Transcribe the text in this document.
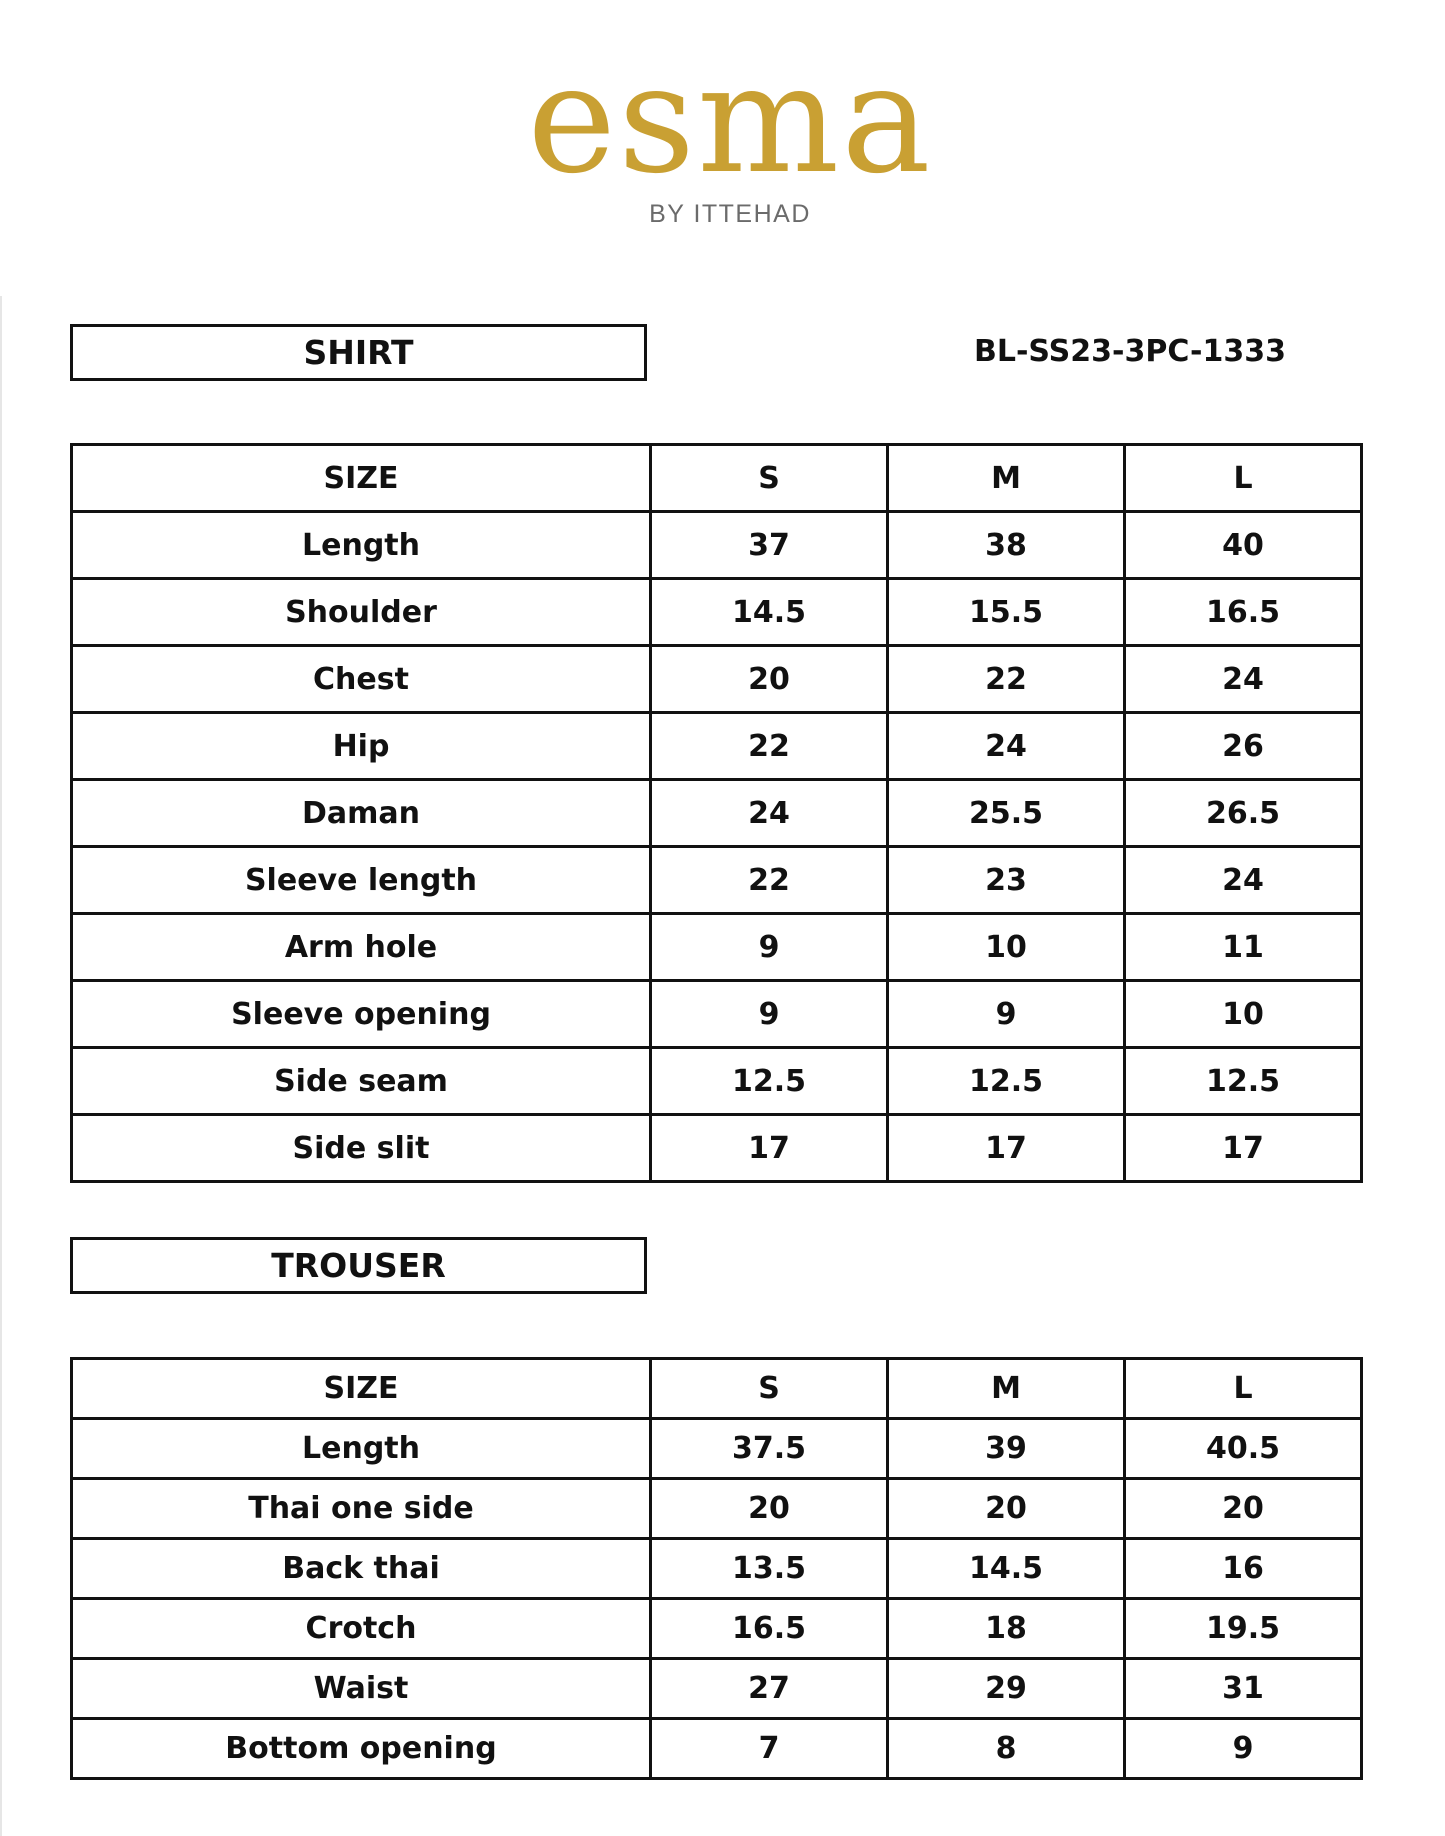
esma
BY ITTEHAD
SHIRT	BL-SS23-3PC-1333
SIZE	S	M	L
Length	37	38	40
Shoulder	14.5	15.5	16.5
Chest	20	22	24
Hip	22	24	26
Daman	24	25.5	26.5
Sleeve length	22	23	24
Arm hole	9	10	11
Sleeve opening	9	9	10
Side seam	12.5	12.5	12.5
Side slit	17	17	17
TROUSER
SIZE	S	M	L
Length	37.5	39	40.5
Thai one side	20	20	20
Back thai	13.5	14.5	16
Crotch	16.5	18	19.5
Waist	27	29	31
Bottom opening	7	8	9
